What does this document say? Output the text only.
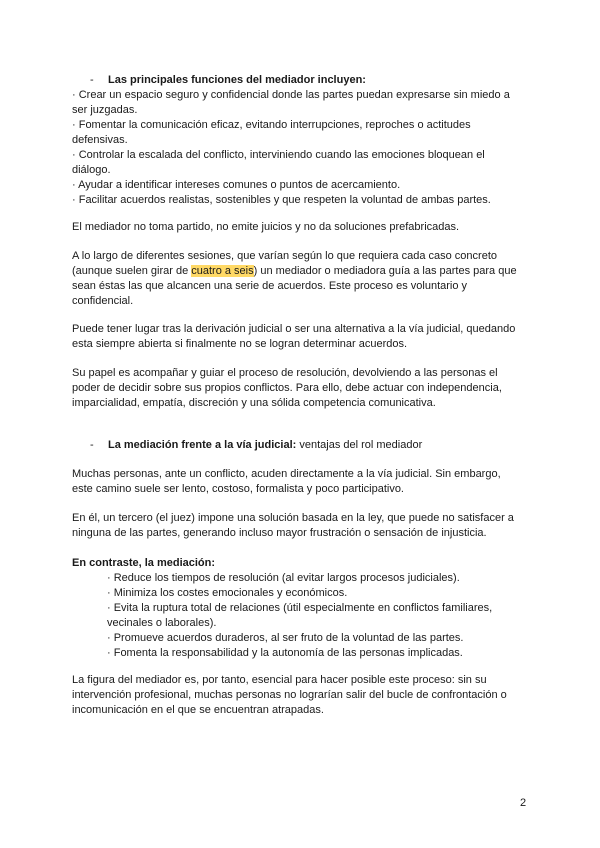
- Las principales funciones del mediador incluyen:
· Crear un espacio seguro y confidencial donde las partes puedan expresarse sin miedo a
ser juzgadas.
· Fomentar la comunicación eficaz, evitando interrupciones, reproches o actitudes
defensivas.
· Controlar la escalada del conflicto, interviniendo cuando las emociones bloquean el
diálogo.
· Ayudar a identificar intereses comunes o puntos de acercamiento.
· Facilitar acuerdos realistas, sostenibles y que respeten la voluntad de ambas partes.
El mediador no toma partido, no emite juicios y no da soluciones prefabricadas.
A lo largo de diferentes sesiones, que varían según lo que requiera cada caso concreto
(aunque suelen girar de cuatro a seis) un mediador o mediadora guía a las partes para que
sean éstas las que alcancen una serie de acuerdos. Este proceso es voluntario y
confidencial.
Puede tener lugar tras la derivación judicial o ser una alternativa a la vía judicial, quedando
esta siempre abierta si finalmente no se logran determinar acuerdos.
Su papel es acompañar y guiar el proceso de resolución, devolviendo a las personas el
poder de decidir sobre sus propios conflictos. Para ello, debe actuar con independencia,
imparcialidad, empatía, discreción y una sólida competencia comunicativa.
- La mediación frente a la vía judicial: ventajas del rol mediador
Muchas personas, ante un conflicto, acuden directamente a la vía judicial. Sin embargo,
este camino suele ser lento, costoso, formalista y poco participativo.
En él, un tercero (el juez) impone una solución basada en la ley, que puede no satisfacer a
ninguna de las partes, generando incluso mayor frustración o sensación de injusticia.
En contraste, la mediación:
· Reduce los tiempos de resolución (al evitar largos procesos judiciales).
· Minimiza los costes emocionales y económicos.
· Evita la ruptura total de relaciones (útil especialmente en conflictos familiares,
vecinales o laborales).
· Promueve acuerdos duraderos, al ser fruto de la voluntad de las partes.
· Fomenta la responsabilidad y la autonomía de las personas implicadas.
La figura del mediador es, por tanto, esencial para hacer posible este proceso: sin su
intervención profesional, muchas personas no lograrían salir del bucle de confrontación o
incomunicación en el que se encuentran atrapadas.
2
